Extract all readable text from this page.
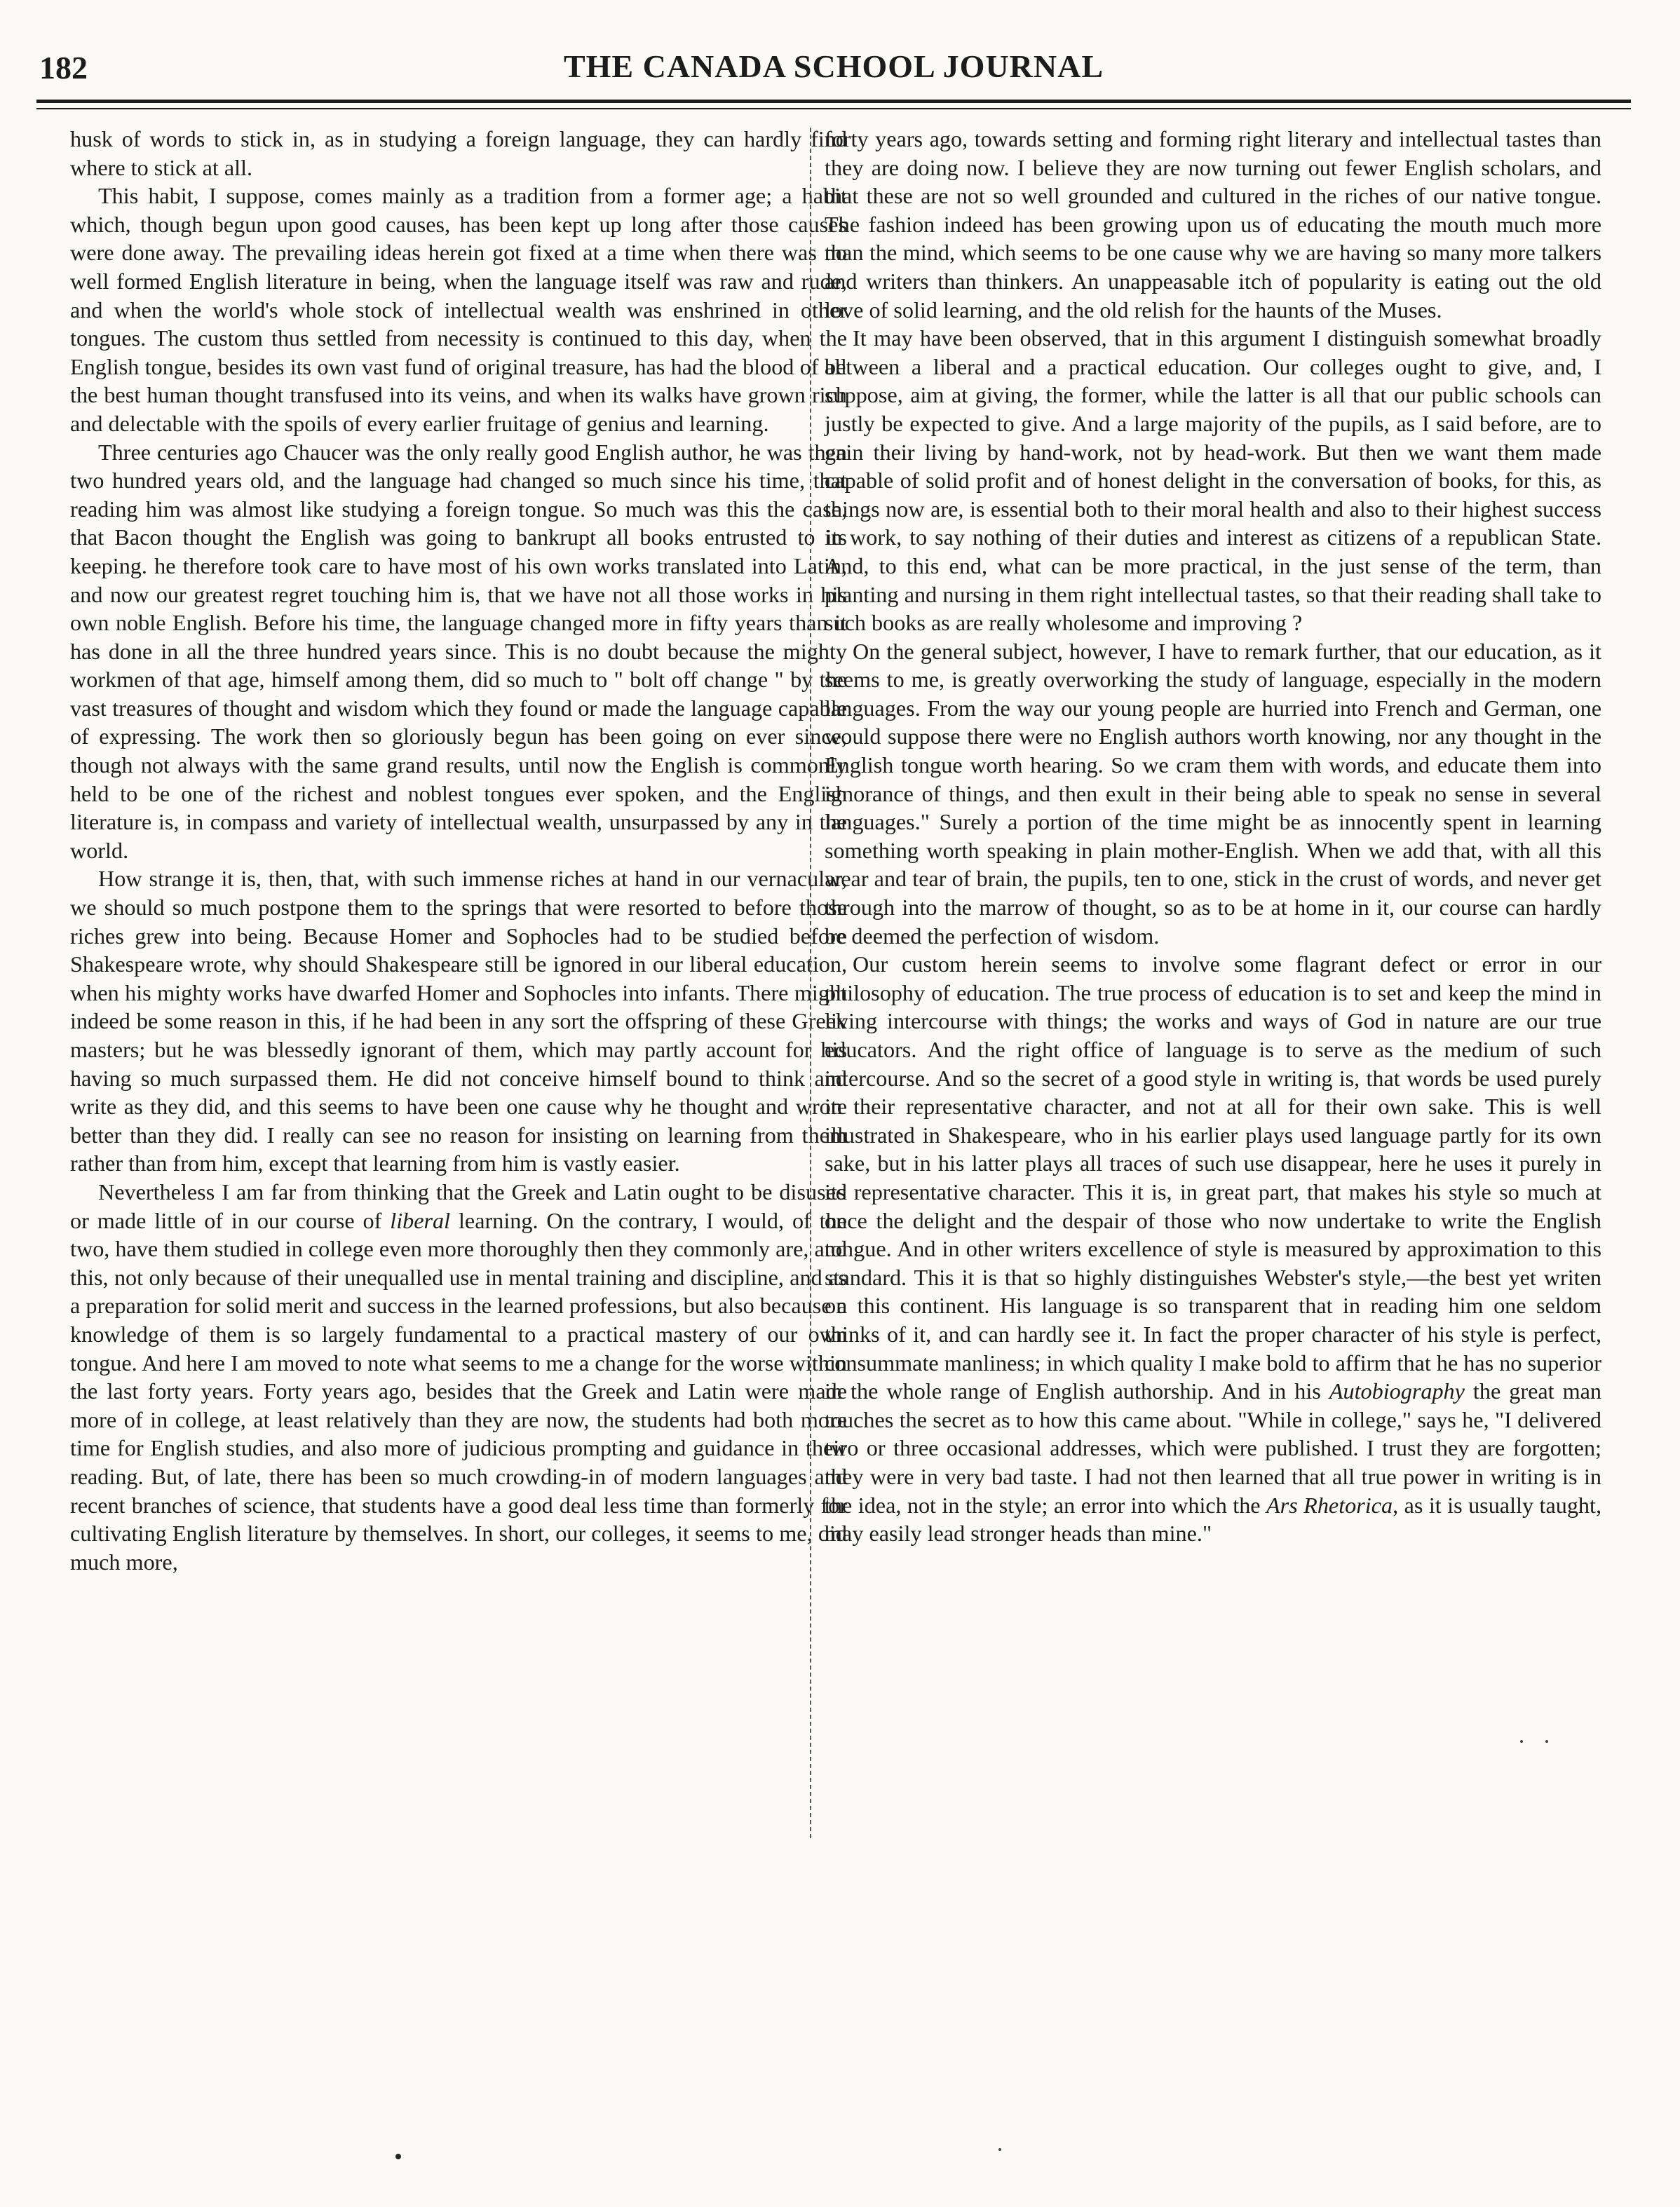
182	THE CANADA SCHOOL JOURNAL

husk of words to stick in, as in studying a foreign language, they can hardly find where to stick at all.

This habit, I suppose, comes mainly as a tradition from a former age; a habit which, though begun upon good causes, has been kept up long after those causes were done away. The prevailing ideas herein got fixed at a time when there was no well formed English literature in being, when the language itself was raw and rude, and when the world's whole stock of intellectual wealth was enshrined in other tongues. The custom thus settled from necessity is continued to this day, when the English tongue, besides its own vast fund of original treasure, has had the blood of all the best human thought transfused into its veins, and when its walks have grown rich and delectable with the spoils of every earlier fruitage of genius and learning.

Three centuries ago Chaucer was the only really good English author, he was then two hundred years old, and the language had changed so much since his time, that reading him was almost like studying a foreign tongue. So much was this the case, that Bacon thought the English was going to bankrupt all books entrusted to its keeping. he therefore took care to have most of his own works translated into Latin, and now our greatest regret touching him is, that we have not all those works in his own noble English. Before his time, the language changed more in fifty years than it has done in all the three hundred years since. This is no doubt because the mighty workmen of that age, himself among them, did so much to " bolt off change " by the vast treasures of thought and wisdom which they found or made the language capable of expressing. The work then so gloriously begun has been going on ever since, though not always with the same grand results, until now the English is commonly held to be one of the richest and noblest tongues ever spoken, and the English literature is, in compass and variety of intellectual wealth, unsurpassed by any in the world.

How strange it is, then, that, with such immense riches at hand in our vernacular, we should so much postpone them to the springs that were resorted to before those riches grew into being. Because Homer and Sophocles had to be studied before Shakespeare wrote, why should Shakespeare still be ignored in our liberal education, when his mighty works have dwarfed Homer and Sophocles into infants. There might indeed be some reason in this, if he had been in any sort the offspring of these Greek masters; but he was blessedly ignorant of them, which may partly account for his having so much surpassed them. He did not conceive himself bound to think and write as they did, and this seems to have been one cause why he thought and wrote better than they did. I really can see no reason for insisting on learning from them rather than from him, except that learning from him is vastly easier.

Nevertheless I am far from thinking that the Greek and Latin ought to be disused or made little of in our course of liberal learning. On the contrary, I would, of the two, have them studied in college even more thoroughly then they commonly are, and this, not only because of their unequalled use in mental training and discipline, and as a preparation for solid merit and success in the learned professions, but also because a knowledge of them is so largely fundamental to a practical mastery of our own tongue. And here I am moved to note what seems to me a change for the worse within the last forty years. Forty years ago, besides that the Greek and Latin were made more of in college, at least relatively than they are now, the students had both more time for English studies, and also more of judicious prompting and guidance in their reading. But, of late, there has been so much crowding-in of modern languages and recent branches of science, that students have a good deal less time than formerly for cultivating English literature by themselves. In short, our colleges, it seems to me, did much more,

forty years ago, towards setting and forming right literary and intellectual tastes than they are doing now. I believe they are now turning out fewer English scholars, and that these are not so well grounded and cultured in the riches of our native tongue. The fashion indeed has been growing upon us of educating the mouth much more than the mind, which seems to be one cause why we are having so many more talkers and writers than thinkers. An unappeasable itch of popularity is eating out the old love of solid learning, and the old relish for the haunts of the Muses.

It may have been observed, that in this argument I distinguish somewhat broadly between a liberal and a practical education. Our colleges ought to give, and, I suppose, aim at giving, the former, while the latter is all that our public schools can justly be expected to give. And a large majority of the pupils, as I said before, are to gain their living by hand-work, not by head-work. But then we want them made capable of solid profit and of honest delight in the conversation of books, for this, as things now are, is essential both to their moral health and also to their highest success in work, to say nothing of their duties and interest as citizens of a republican State. And, to this end, what can be more practical, in the just sense of the term, than planting and nursing in them right intellectual tastes, so that their reading shall take to such books as are really wholesome and improving ?

On the general subject, however, I have to remark further, that our education, as it seems to me, is greatly overworking the study of language, especially in the modern languages. From the way our young people are hurried into French and German, one would suppose there were no English authors worth knowing, nor any thought in the English tongue worth hearing. So we cram them with words, and educate them into ignorance of things, and then exult in their being able to speak no sense in several languages." Surely a portion of the time might be as innocently spent in learning something worth speaking in plain mother-English. When we add that, with all this wear and tear of brain, the pupils, ten to one, stick in the crust of words, and never get through into the marrow of thought, so as to be at home in it, our course can hardly be deemed the perfection of wisdom.

Our custom herein seems to involve some flagrant defect or error in our philosophy of education. The true process of education is to set and keep the mind in living intercourse with things; the works and ways of God in nature are our true educators. And the right office of language is to serve as the medium of such intercourse. And so the secret of a good style in writing is, that words be used purely in their representative character, and not at all for their own sake. This is well illustrated in Shakespeare, who in his earlier plays used language partly for its own sake, but in his latter plays all traces of such use disappear, here he uses it purely in its representative character. This it is, in great part, that makes his style so much at once the delight and the despair of those who now undertake to write the English tongue. And in other writers excellence of style is measured by approximation to this standard. This it is that so highly distinguishes Webster's style,—the best yet writen on this continent. His language is so transparent that in reading him one seldom thinks of it, and can hardly see it. In fact the proper character of his style is perfect, consummate manliness; in which quality I make bold to affirm that he has no superior in the whole range of English authorship. And in his Autobiography the great man touches the secret as to how this came about. "While in college," says he, "I delivered two or three occasional addresses, which were published. I trust they are forgotten; they were in very bad taste. I had not then learned that all true power in writing is in the idea, not in the style; an error into which the Ars Rhetorica, as it is usually taught, may easily lead stronger heads than mine."
